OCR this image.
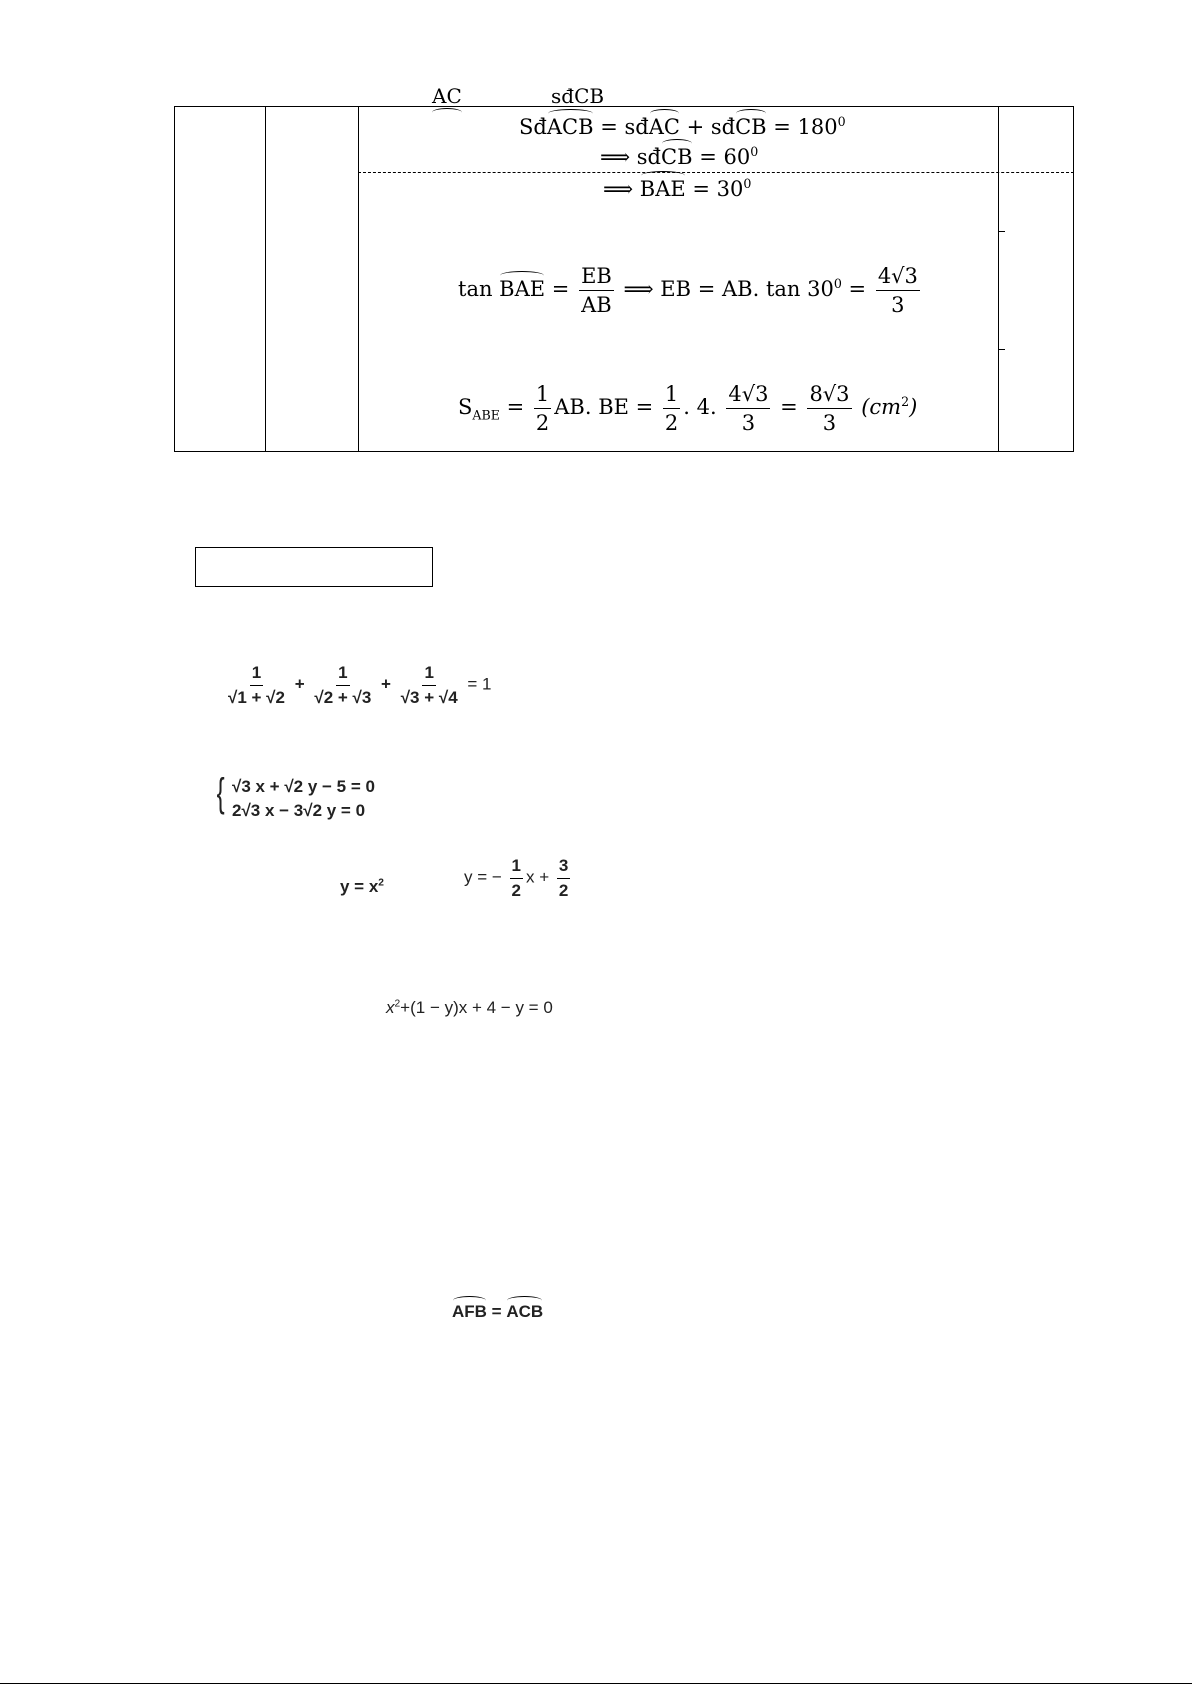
AC	sđCB
SđACB = sđAC + sđCB = $180^0$
⟹ sđCB = $60^0$
⟹ BAE = $30^0$
tan BAE = $\frac{EB}{AB}$ ⟹ EB = AB. $\tan 30^0 = \frac{4√3}{3}$
$S_{ABE} = \frac{1}{2}$ AB. BE = $\frac{1}{2}$ . 4. $\frac{4√3}{3} = \frac{8√3}{3} (cm^2)$
$\frac{1}{√1 + √2} + \frac{1}{√2 + √3} + \frac{1}{√3 + √4} = 1$
{ √3 x + √2 y − 5 = 0
2√3 x − 3√2 y = 0
$y = x^2$	y = − $\frac{1}{2}$ $x + \frac{3}{2}$
$x^2+(1 - y)x + 4 - y = 0$
AFB = ACB
